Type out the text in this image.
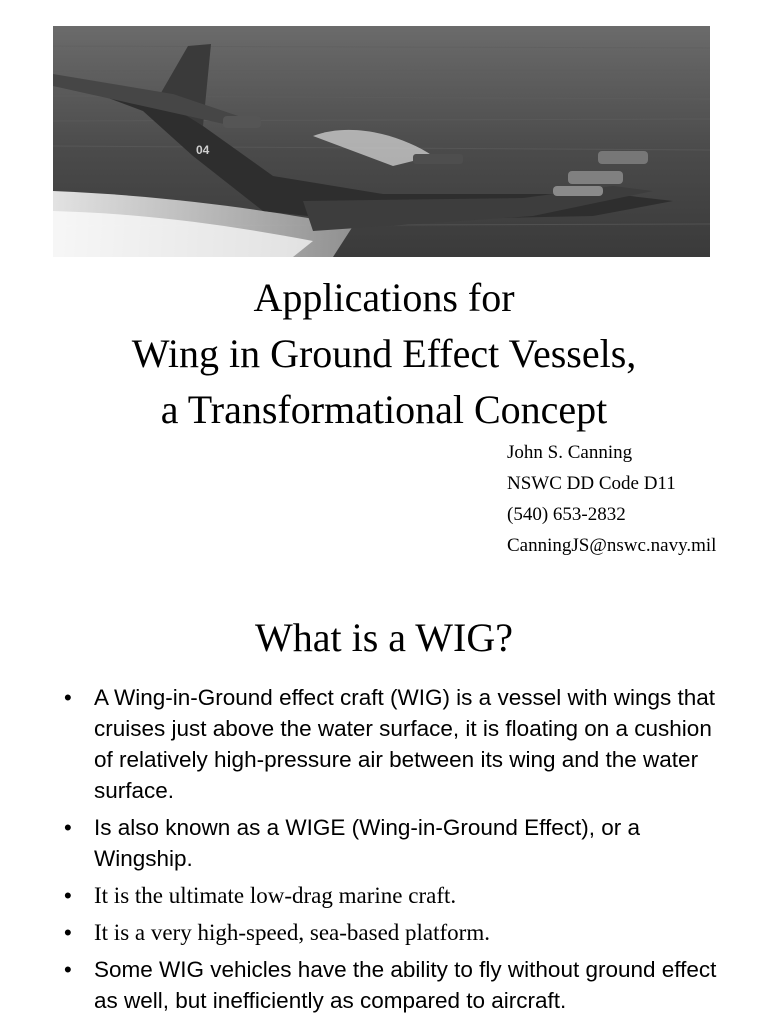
04
Applications for
Wing in Ground Effect Vessels,
a Transformational Concept
John S. Canning
NSWC DD Code D11
(540) 653-2832
CanningJS@nswc.navy.mil
What is a WIG?
• A Wing-in-Ground effect craft (WIG) is a vessel with wings that cruises just above the water surface, it is floating on a cushion of relatively high-pressure air between its wing and the water surface.
• Is also known as a WIGE (Wing-in-Ground Effect), or a Wingship.
• It is the ultimate low-drag marine craft.
• It is a very high-speed, sea-based platform.
• Some WIG vehicles have the ability to fly without ground effect as well, but inefficiently as compared to aircraft.
